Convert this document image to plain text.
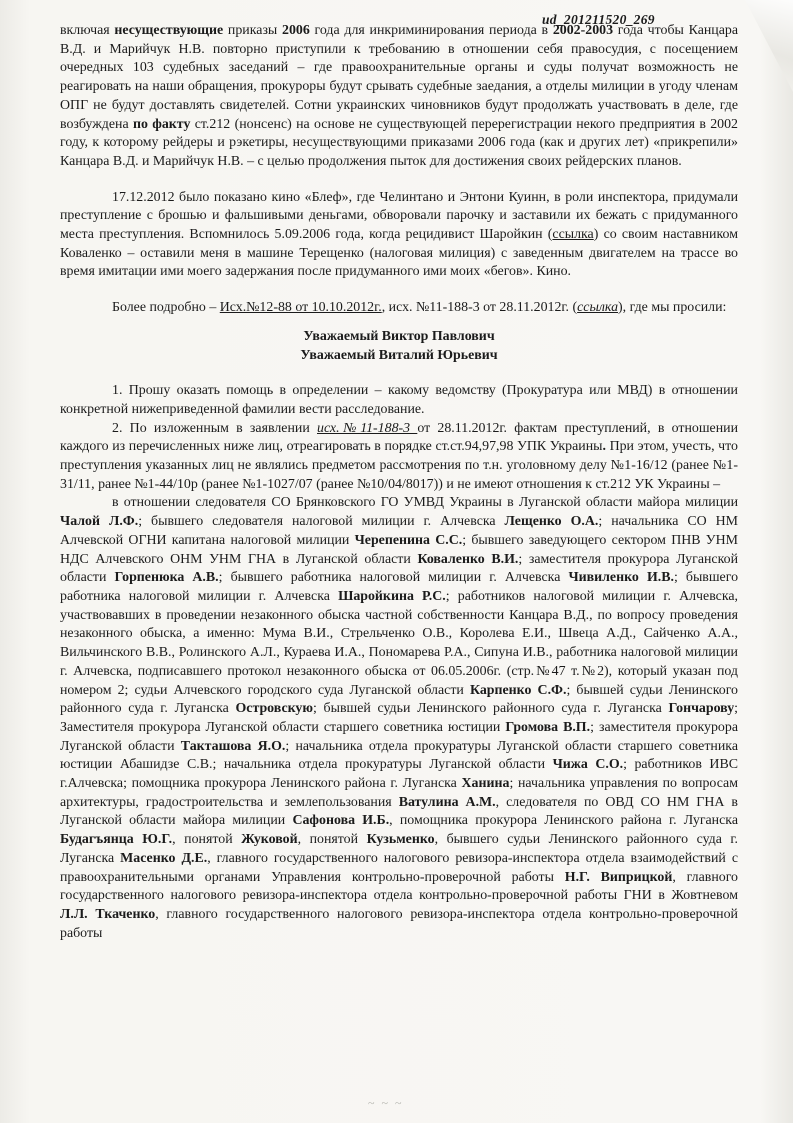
ud_201211520_269

включая несуществующие приказы 2006 года для инкриминирования периода в 2002-2003 года чтобы Канцара В.Д. и Марийчук Н.В. повторно приступили к требованию в отношении себя правосудия, с посещением очередных 103 судебных заседаний – где правоохранительные органы и суды получат возможность не реагировать на наши обращения, прокуроры будут срывать судебные заедания, а отделы милиции в угоду членам ОПГ не будут доставлять свидетелей. Сотни украинских чиновников будут продолжать участвовать в деле, где возбуждена по факту ст.212 (нонсенс) на основе не существующей перерегистрации некого предприятия в 2002 году, к которому рейдеры и рэкетиры, несуществующими приказами 2006 года (как и других лет) «прикрепили» Канцара В.Д. и Марийчук Н.В. – с целью продолжения пыток для достижения своих рейдерских планов.

17.12.2012 было показано кино «Блеф», где Челинтано и Энтони Куинн, в роли инспектора, придумали преступление с брошью и фальшивыми деньгами, обворовали парочку и заставили их бежать с придуманного места преступления. Вспомнилось 5.09.2006 года, когда рецидивист Шаройкин (ссылка) со своим наставником Коваленко – оставили меня в машине Терещенко (налоговая милиция) с заведенным двигателем на трассе во время имитации ими моего задержания после придуманного ими моих «бегов». Кино.

Более подробно – Исх.№12-88 от 10.10.2012г., исх. №11-188-3 от 28.11.2012г. (ссылка), где мы просили:

Уважаемый Виктор Павлович

Уважаемый Виталий Юрьевич

1. Прошу оказать помощь в определении – какому ведомству (Прокуратура или МВД) в отношении конкретной нижеприведенной фамилии вести расследование.

2. По изложенным в заявлении исх.№11-188-3 от 28.11.2012г. фактам преступлений, в отношении каждого из перечисленных ниже лиц, отреагировать в порядке ст.ст.94,97,98 УПК Украины. При этом, учесть, что преступления указанных лиц не являлись предметом рассмотрения по т.н. уголовному делу №1-16/12 (ранее №1-31/11, ранее №1-44/10р (ранее №1-1027/07 (ранее №10/04/8017)) и не имеют отношения к ст.212 УК Украины –

в отношении следователя СО Брянковского ГО УМВД Украины в Луганской области майора милиции Чалой Л.Ф.; бывшего следователя налоговой милиции г. Алчевска Лещенко О.А.; начальника СО НМ Алчевской ОГНИ капитана налоговой милиции Черепенина С.С.; бывшего заведующего сектором ПНВ УНМ НДС Алчевского ОНМ УНМ ГНА в Луганской области Коваленко В.И.; заместителя прокурора Луганской области Горпенюка А.В.; бывшего работника налоговой милиции г. Алчевска Чивиленко И.В.; бывшего работника налоговой милиции г. Алчевска Шаройкина Р.С.; работников налоговой милиции г. Алчевска, участвовавших в проведении незаконного обыска частной собственности Канцара В.Д., по вопросу проведения незаконного обыска, а именно: Мума В.И., Стрельченко О.В., Королева Е.И., Швеца А.Д., Сайченко А.А., Вильчинского В.В., Ролинского А.Л., Кураева И.А., Пономарева Р.А., Сипуна И.В., работника налоговой милиции г. Алчевска, подписавшего протокол незаконного обыска от 06.05.2006г. (стр.№47 т.№2), который указан под номером 2; судьи Алчевского городского суда Луганской области Карпенко С.Ф.; бывшей судьи Ленинского районного суда г. Луганска Островскую; бывшей судьи Ленинского районного суда г. Луганска Гончарову; Заместителя прокурора Луганской области старшего советника юстиции Громова В.П.; заместителя прокурора Луганской области Такташова Я.О.; начальника отдела прокуратуры Луганской области старшего советника юстиции Абашидзе С.В.; начальника отдела прокуратуры Луганской области Чижа С.О.; работников ИВС г.Алчевска; помощника прокурора Ленинского района г. Луганска Ханина; начальника управления по вопросам архитектуры, градостроительства и землепользования Ватулина А.М., следователя по ОВД СО НМ ГНА в Луганской области майора милиции Сафонова И.Б., помощника прокурора Ленинского района г. Луганска Будагъянца Ю.Г., понятой Жуковой, понятой Кузьменко, бывшего судьи Ленинского районного суда г. Луганска Масенко Д.Е., главного государственного налогового ревизора-инспектора отдела взаимодействий с правоохранительными органами Управления контрольно-проверочной работы Н.Г. Виприцкой, главного государственного налогового ревизора-инспектора отдела контрольно-проверочной работы ГНИ в Жовтневом Л.Л. Ткаченко, главного государственного налогового ревизора-инспектора отдела контрольно-проверочной работы

~ ~ ~
